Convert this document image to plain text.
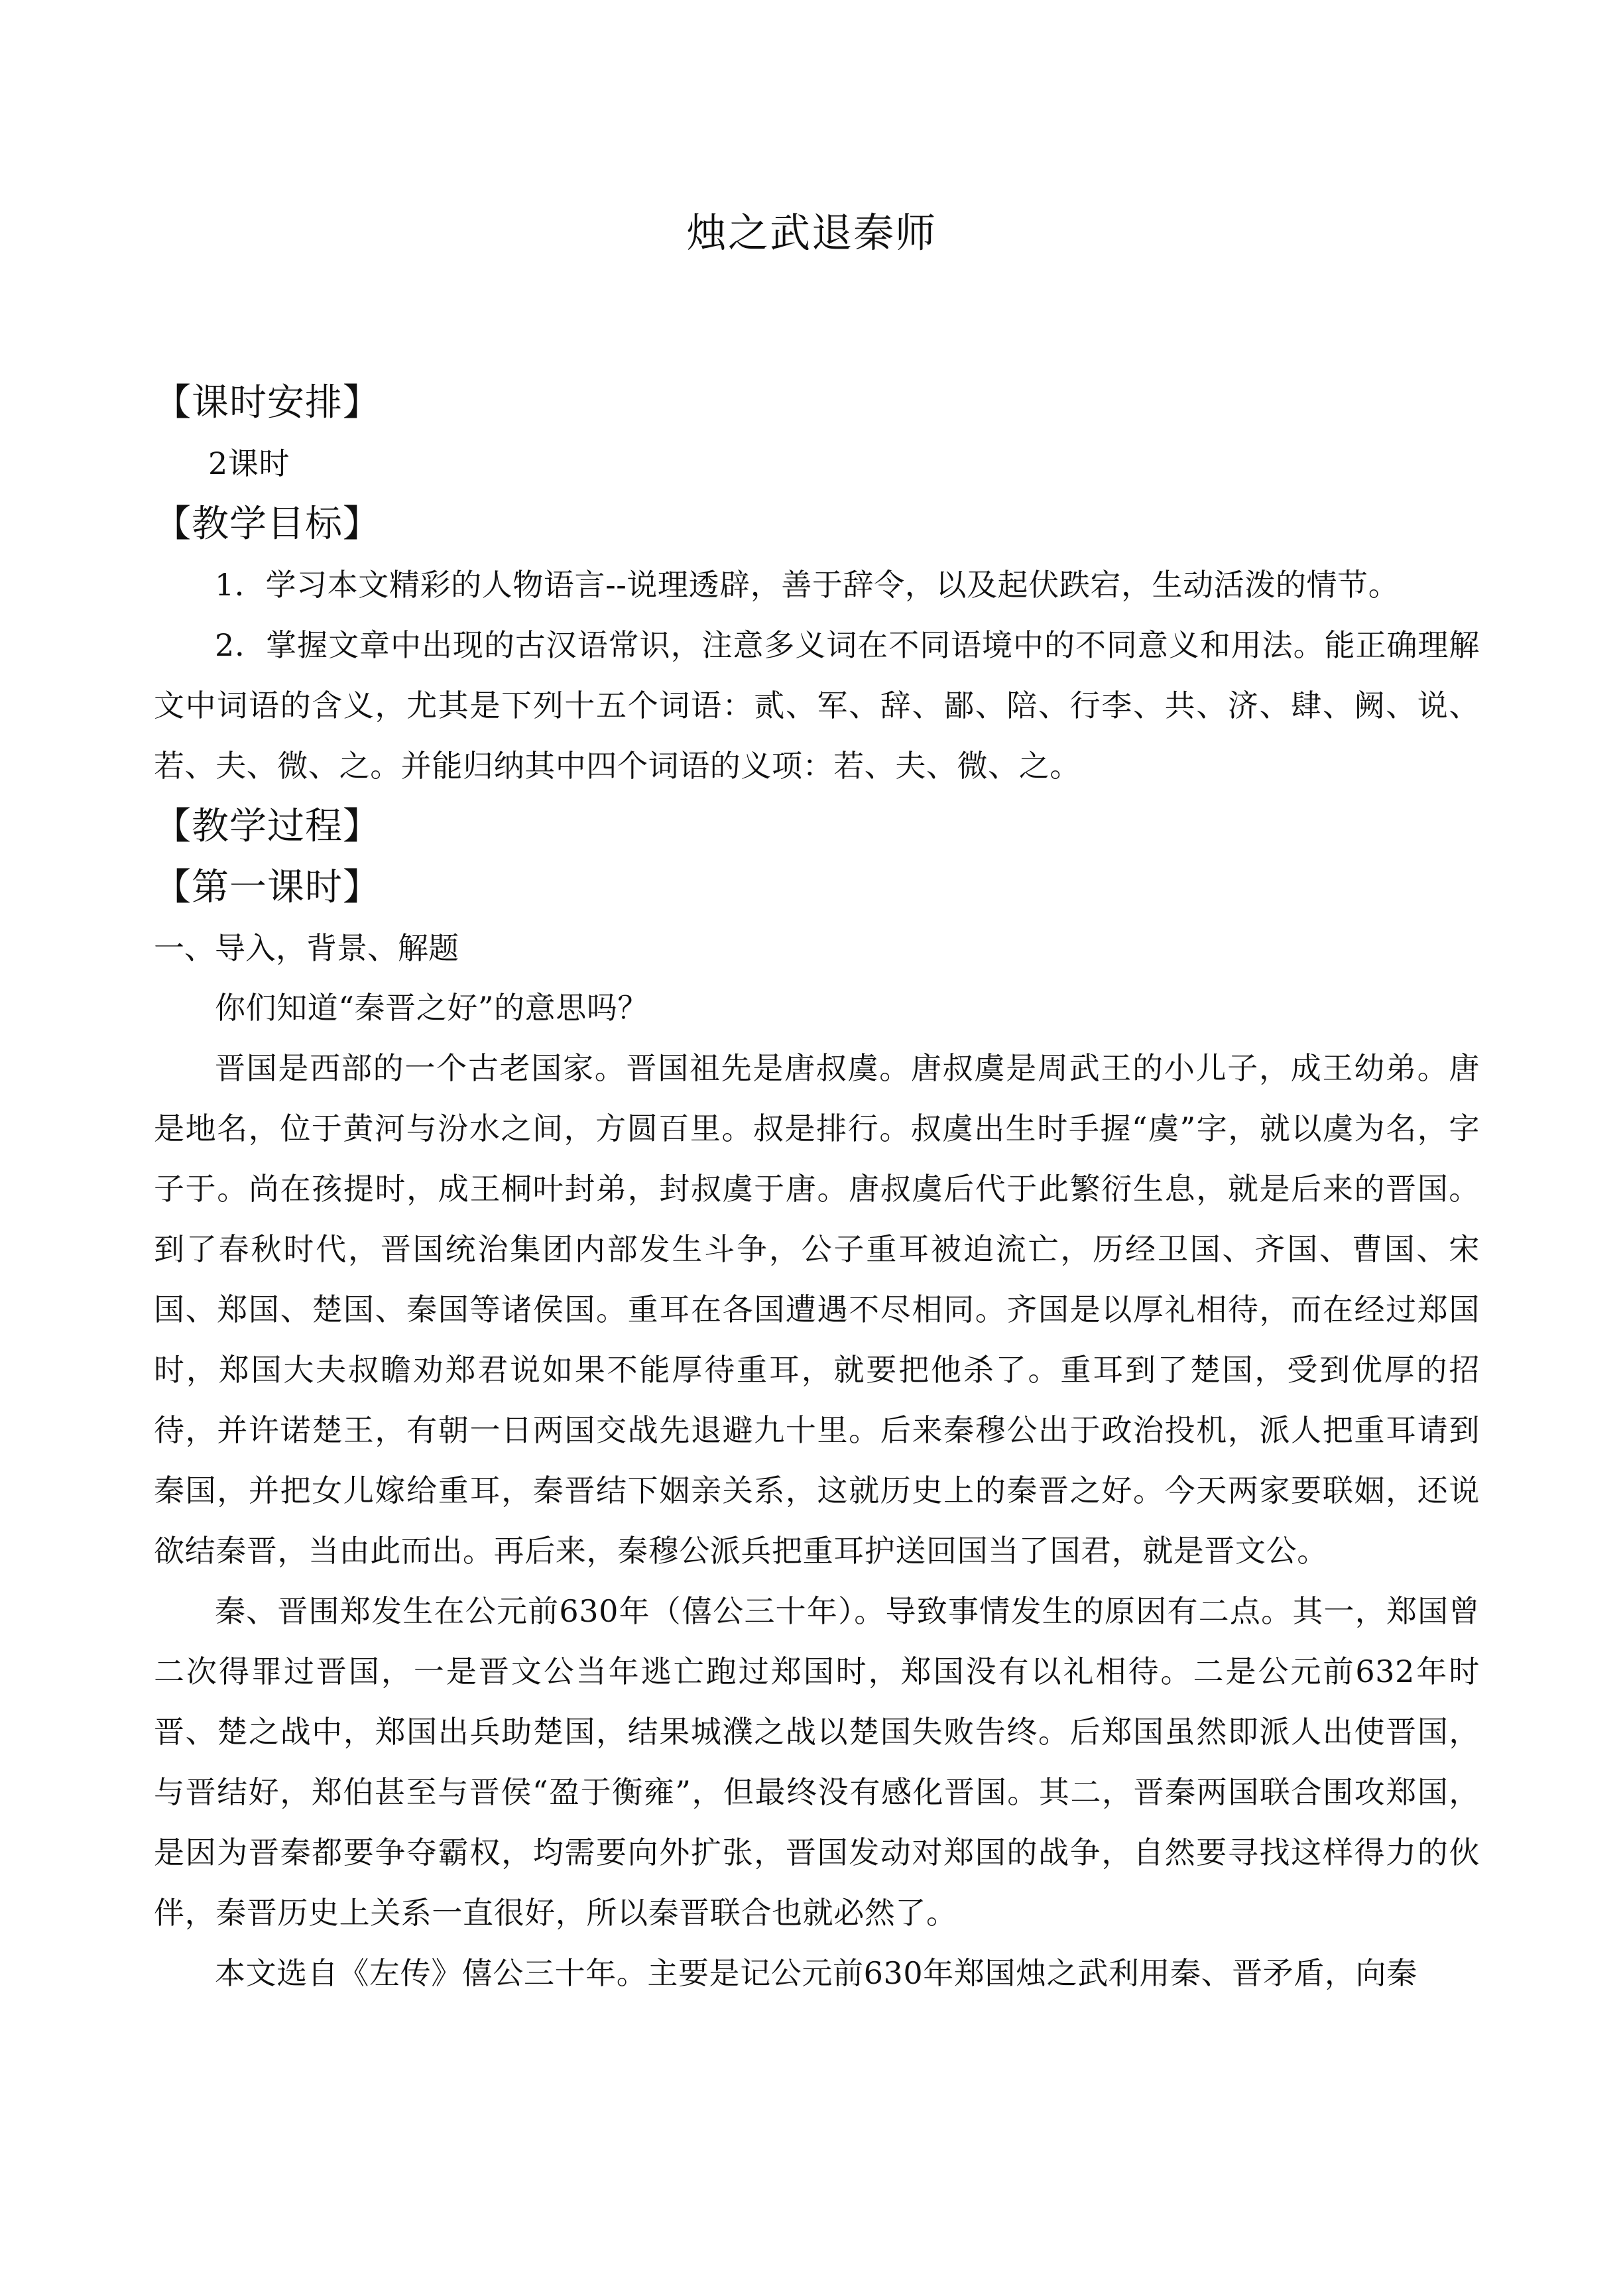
烛之武退秦师

【课时安排】

2课时

【教学目标】

1．学习本文精彩的人物语言--说理透辟，善于辞令，以及起伏跌宕，生动活泼的情节。

2．掌握文章中出现的古汉语常识，注意多义词在不同语境中的不同意义和用法。能正确理解文中词语的含义，尤其是下列十五个词语：贰、军、辞、鄙、陪、行李、共、济、肆、阙、说、若、夫、微、之。并能归纳其中四个词语的义项：若、夫、微、之。

【教学过程】

【第一课时】

一、导入，背景、解题

你们知道“秦晋之好”的意思吗？

晋国是西部的一个古老国家。晋国祖先是唐叔虞。唐叔虞是周武王的小儿子，成王幼弟。唐是地名，位于黄河与汾水之间，方圆百里。叔是排行。叔虞出生时手握“虞”字，就以虞为名，字子于。尚在孩提时，成王桐叶封弟，封叔虞于唐。唐叔虞后代于此繁衍生息，就是后来的晋国。到了春秋时代，晋国统治集团内部发生斗争，公子重耳被迫流亡，历经卫国、齐国、曹国、宋国、郑国、楚国、秦国等诸侯国。重耳在各国遭遇不尽相同。齐国是以厚礼相待，而在经过郑国时，郑国大夫叔瞻劝郑君说如果不能厚待重耳，就要把他杀了。重耳到了楚国，受到优厚的招待，并许诺楚王，有朝一日两国交战先退避九十里。后来秦穆公出于政治投机，派人把重耳请到秦国，并把女儿嫁给重耳，秦晋结下姻亲关系，这就历史上的秦晋之好。今天两家要联姻，还说欲结秦晋，当由此而出。再后来，秦穆公派兵把重耳护送回国当了国君，就是晋文公。

秦、晋围郑发生在公元前630年（僖公三十年）。导致事情发生的原因有二点。其一，郑国曾二次得罪过晋国，一是晋文公当年逃亡跑过郑国时，郑国没有以礼相待。二是公元前632年时晋、楚之战中，郑国出兵助楚国，结果城濮之战以楚国失败告终。后郑国虽然即派人出使晋国，与晋结好，郑伯甚至与晋侯“盈于衡雍”，但最终没有感化晋国。其二，晋秦两国联合围攻郑国，是因为晋秦都要争夺霸权，均需要向外扩张，晋国发动对郑国的战争，自然要寻找这样得力的伙伴，秦晋历史上关系一直很好，所以秦晋联合也就必然了。

本文选自《左传》僖公三十年。主要是记公元前630年郑国烛之武利用秦、晋矛盾，向秦
